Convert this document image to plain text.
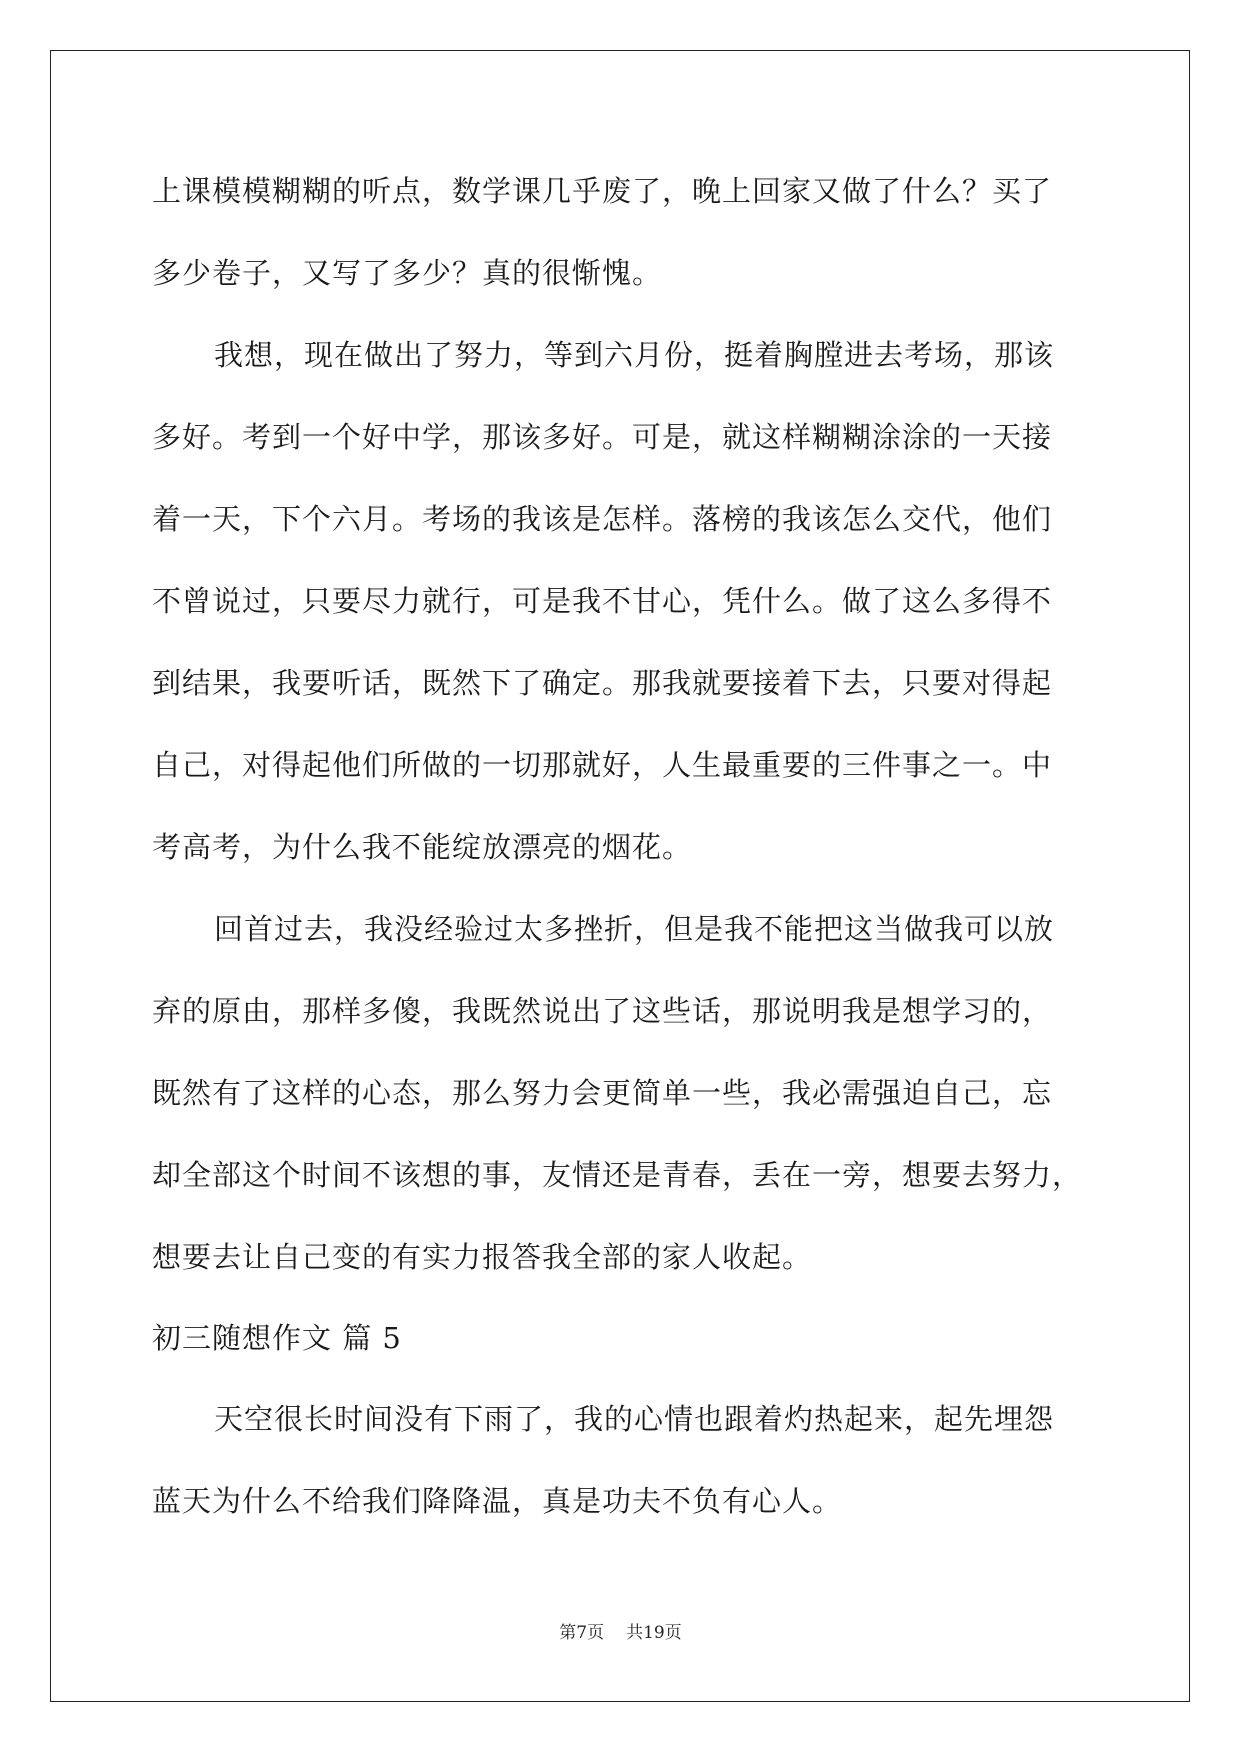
上课模模糊糊的听点，数学课几乎废了，晚上回家又做了什么？买了
多少卷子，又写了多少？真的很惭愧。
我想，现在做出了努力，等到六月份，挺着胸膛进去考场，那该
多好。考到一个好中学，那该多好。可是，就这样糊糊涂涂的一天接
着一天，下个六月。考场的我该是怎样。落榜的我该怎么交代，他们
不曾说过，只要尽力就行，可是我不甘心，凭什么。做了这么多得不
到结果，我要听话，既然下了确定。那我就要接着下去，只要对得起
自己，对得起他们所做的一切那就好，人生最重要的三件事之一。中
考高考，为什么我不能绽放漂亮的烟花。
回首过去，我没经验过太多挫折，但是我不能把这当做我可以放
弃的原由，那样多傻，我既然说出了这些话，那说明我是想学习的，
既然有了这样的心态，那么努力会更简单一些，我必需强迫自己，忘
却全部这个时间不该想的事，友情还是青春，丢在一旁，想要去努力，
想要去让自己变的有实力报答我全部的家人收起。
初三随想作文 篇 5
天空很长时间没有下雨了，我的心情也跟着灼热起来，起先埋怨
蓝天为什么不给我们降降温，真是功夫不负有心人。
第7页 共19页
